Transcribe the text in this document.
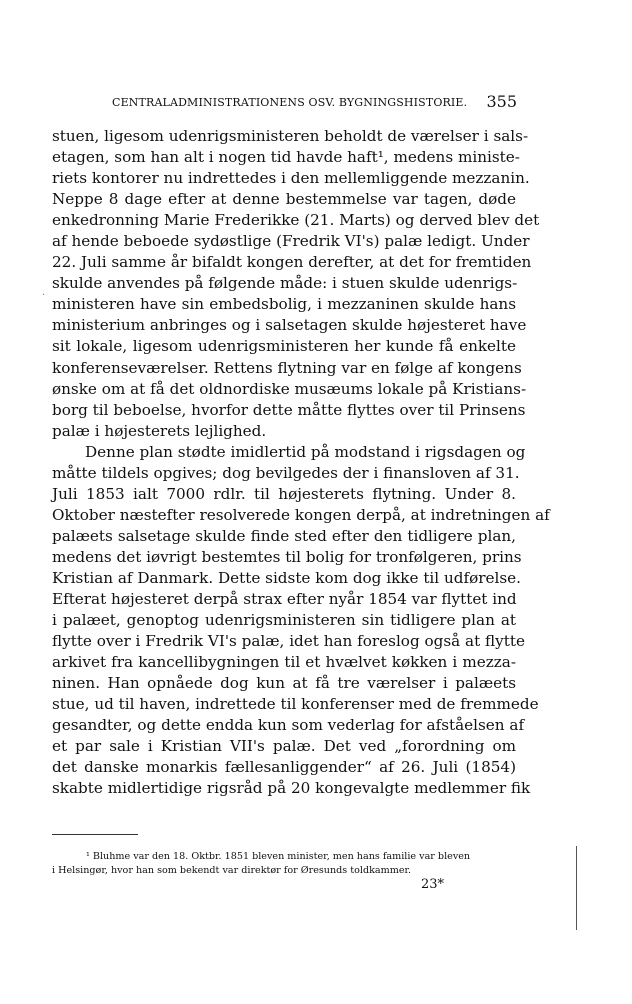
CENTRALADMINISTRATIONENS OSV. BYGNINGSHISTORIE. 355
·
stuen, ligesom udenrigsministeren beholdt de værelser i sals-
etagen, som han alt i nogen tid havde haft¹, medens ministe-
riets kontorer nu indrettedes i den mellemliggende mezzanin.
Neppe 8 dage efter at denne bestemmelse var tagen, døde
enkedronning Marie Frederikke (21. Marts) og derved blev det
af hende beboede sydøstlige (Fredrik VI's) palæ ledigt. Under
22. Juli samme år bifaldt kongen derefter, at det for fremtiden
skulde anvendes på følgende måde: i stuen skulde udenrigs-
ministeren have sin embedsbolig, i mezzaninen skulde hans
ministerium anbringes og i salsetagen skulde højesteret have
sit lokale, ligesom udenrigsministeren her kunde få enkelte
konferenseværelser. Rettens flytning var en følge af kongens
ønske om at få det oldnordiske musæums lokale på Kristians-
borg til beboelse, hvorfor dette måtte flyttes over til Prinsens
palæ i højesterets lejlighed.
Denne plan stødte imidlertid på modstand i rigsdagen og
måtte tildels opgives; dog bevilgedes der i finansloven af 31.
Juli 1853 ialt 7000 rdlr. til højesterets flytning. Under 8.
Oktober næstefter resolverede kongen derpå, at indretningen af
palæets salsetage skulde finde sted efter den tidligere plan,
medens det iøvrigt bestemtes til bolig for tronfølgeren, prins
Kristian af Danmark. Dette sidste kom dog ikke til udførelse.
Efterat højesteret derpå strax efter nyår 1854 var flyttet ind
i palæet, genoptog udenrigsministeren sin tidligere plan at
flytte over i Fredrik VI's palæ, idet han foreslog også at flytte
arkivet fra kancellibygningen til et hvælvet køkken i mezza-
ninen. Han opnåede dog kun at få tre værelser i palæets
stue, ud til haven, indrettede til konferenser med de fremmede
gesandter, og dette endda kun som vederlag for afståelsen af
et par sale i Kristian VII's palæ. Det ved „forordning om
det danske monarkis fællesanliggender“ af 26. Juli (1854)
skabte midlertidige rigsråd på 20 kongevalgte medlemmer fik
¹ Bluhme var den 18. Oktbr. 1851 bleven minister, men hans familie var bleven
i Helsingør, hvor han som bekendt var direktør for Øresunds toldkammer.
23*
